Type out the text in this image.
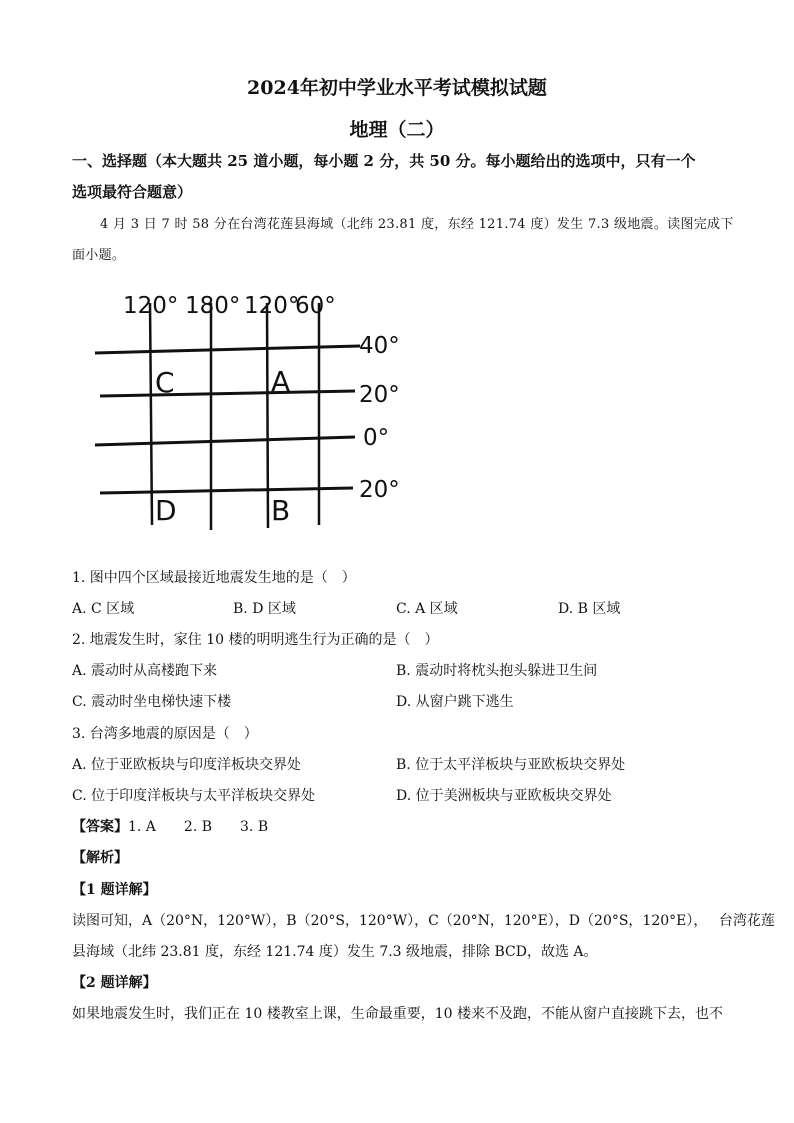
2024年初中学业水平考试模拟试题
地理（二）
一、选择题（本大题共 25 道小题，每小题 2 分，共 50 分。每小题给出的选项中，只有一个
选项最符合题意）
4 月 3 日 7 时 58 分在台湾花莲县海域（北纬 23.81 度，东经 121.74 度）发生 7.3 级地震。读图完成下
面小题。
120° 180° 120°
60°
40°
20°
0°
20°
C	A
D	B
1. 图中四个区域最接近地震发生地的是（　）
A. C 区域	B. D 区域	C. A 区域	D. B 区域
2. 地震发生时，家住 10 楼的明明逃生行为正确的是（　）
A. 震动时从高楼跑下来	B. 震动时将枕头抱头躲进卫生间
C. 震动时坐电梯快速下楼	D. 从窗户跳下逃生
3. 台湾多地震的原因是（　）
A. 位于亚欧板块与印度洋板块交界处	B. 位于太平洋板块与亚欧板块交界处
C. 位于印度洋板块与太平洋板块交界处	D. 位于美洲板块与亚欧板块交界处
【答案】1. A　　2. B　　3. B
【解析】
【1 题详解】
读图可知，A（20°N，120°W），B（20°S，120°W），C（20°N，120°E），D（20°S，120°E），　 台湾花莲
县海域（北纬 23.81 度，东经 121.74 度）发生 7.3 级地震，排除 BCD，故选 A。
【2 题详解】
如果地震发生时，我们正在 10 楼教室上课，生命最重要，10 楼来不及跑，不能从窗户直接跳下去，也不
